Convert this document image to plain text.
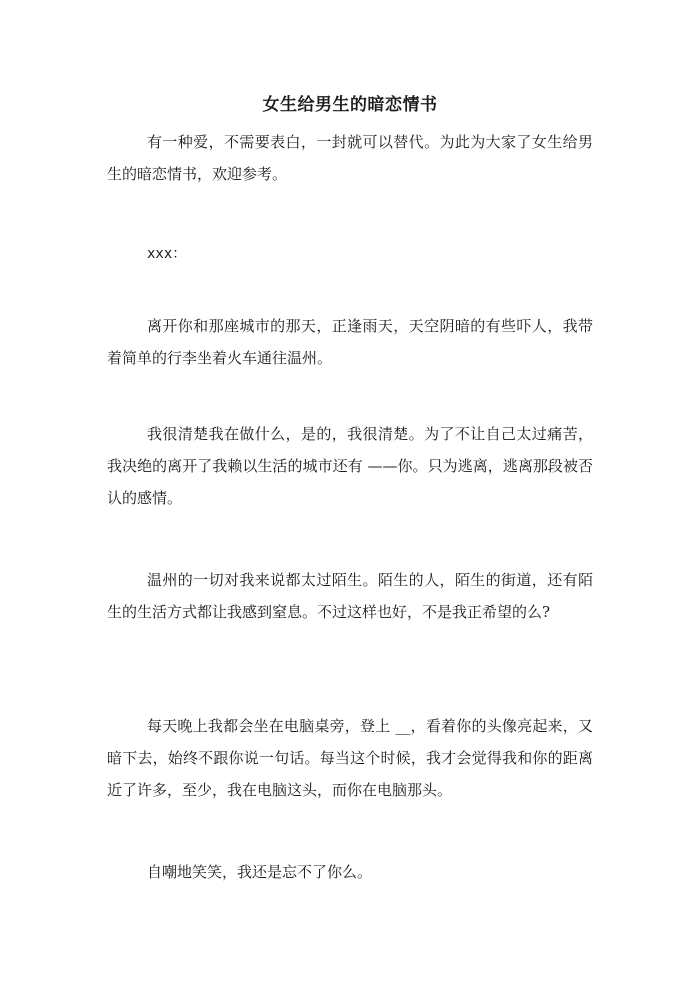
女生给男生的暗恋情书

有一种爱，不需要表白，一封就可以替代。为此为大家了女生给男生的暗恋情书，欢迎参考。

xxx：

离开你和那座城市的那天，正逢雨天，天空阴暗的有些吓人，我带着简单的行李坐着火车通往温州。

我很清楚我在做什么，是的，我很清楚。为了不让自己太过痛苦，我决绝的离开了我赖以生活的城市还有 ——你。只为逃离，逃离那段被否认的感情。

温州的一切对我来说都太过陌生。陌生的人，陌生的街道，还有陌生的生活方式都让我感到窒息。不过这样也好，不是我正希望的么?

每天晚上我都会坐在电脑桌旁，登上 __，看着你的头像亮起来，又暗下去，始终不跟你说一句话。每当这个时候，我才会觉得我和你的距离近了许多，至少，我在电脑这头，而你在电脑那头。

自嘲地笑笑，我还是忘不了你么。
